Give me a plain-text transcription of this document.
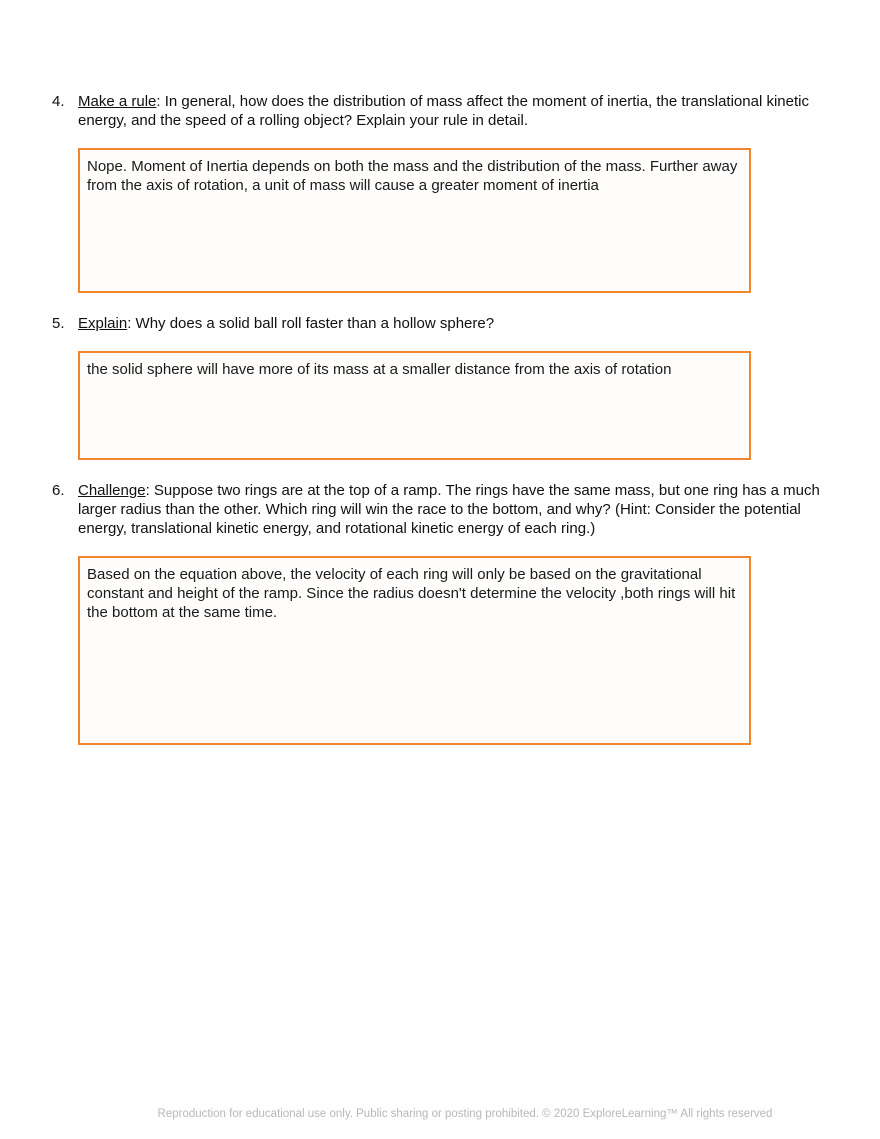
4. Make a rule: In general, how does the distribution of mass affect the moment of inertia, the translational kinetic energy, and the speed of a rolling object? Explain your rule in detail.
Nope. Moment of Inertia depends on both the mass and the distribution of the mass. Further away from the axis of rotation, a unit of mass will cause a greater moment of inertia
5. Explain: Why does a solid ball roll faster than a hollow sphere?
the solid sphere will have more of its mass at a smaller distance from the axis of rotation
6. Challenge: Suppose two rings are at the top of a ramp. The rings have the same mass, but one ring has a much larger radius than the other. Which ring will win the race to the bottom, and why? (Hint: Consider the potential energy, translational kinetic energy, and rotational kinetic energy of each ring.)
Based on the equation above, the velocity of each ring will only be based on the gravitational constant and height of the ramp. Since the radius doesn't determine the velocity ,both rings will hit the bottom at the same time.
Reproduction for educational use only. Public sharing or posting prohibited. © 2020 ExploreLearning™ All rights reserved
